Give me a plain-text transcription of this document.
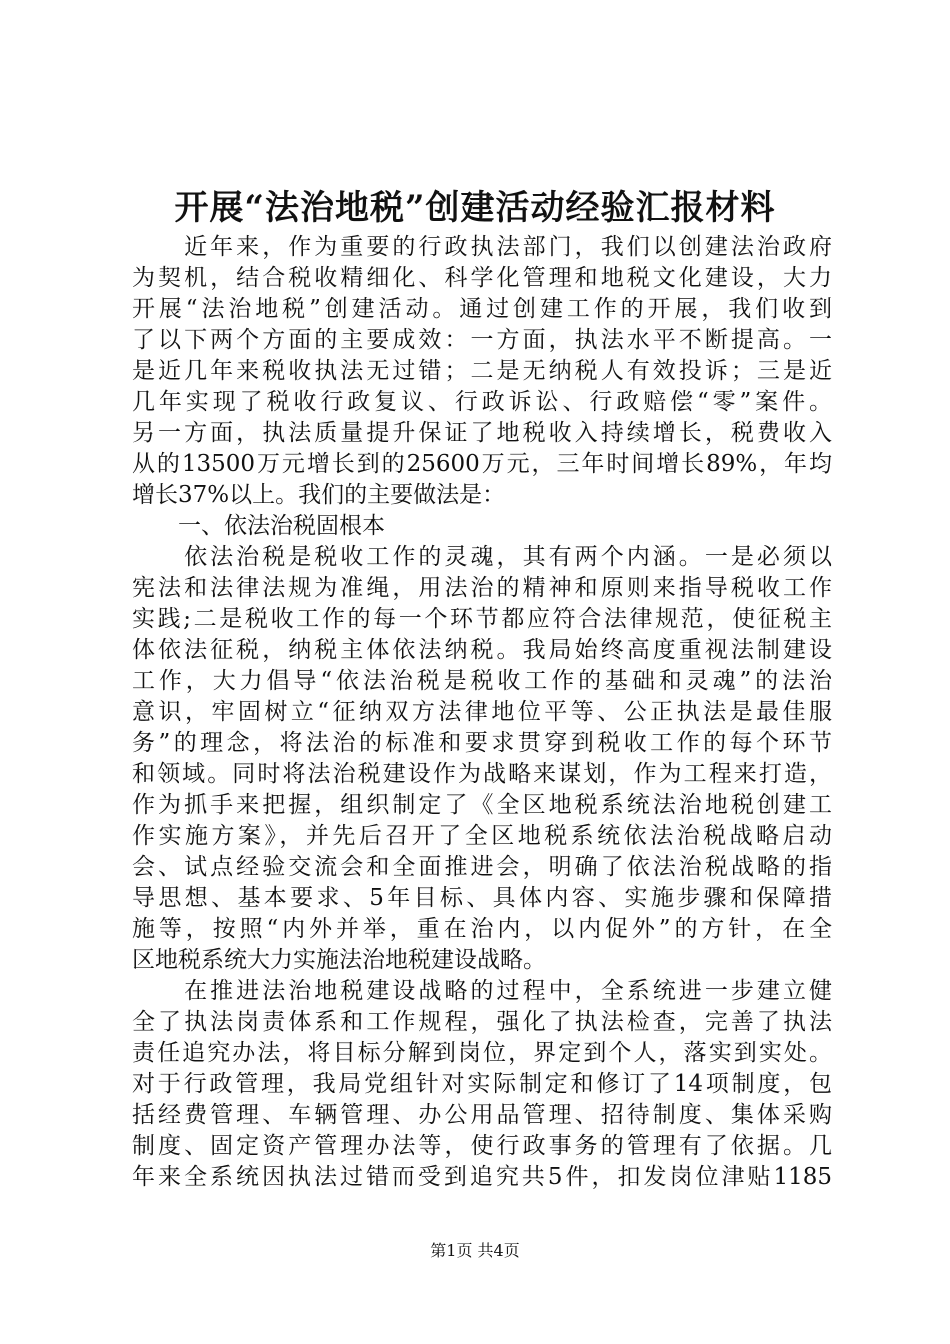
开展“法治地税”创建活动经验汇报材料
　　近年来，作为重要的行政执法部门，我们以创建法治政府
为契机，结合税收精细化、科学化管理和地税文化建设，大力
开展“法治地税”创建活动。通过创建工作的开展，我们收到
了以下两个方面的主要成效：一方面，执法水平不断提高。一
是近几年来税收执法无过错；二是无纳税人有效投诉；三是近
几年实现了税收行政复议、行政诉讼、行政赔偿“零”案件。
另一方面，执法质量提升保证了地税收入持续增长，税费收入
从的13500万元增长到的25600万元，三年时间增长89%，年均
增长37%以上。我们的主要做法是：
　　一、依法治税固根本
　　依法治税是税收工作的灵魂，其有两个内涵。一是必须以
宪法和法律法规为准绳，用法治的精神和原则来指导税收工作
实践;二是税收工作的每一个环节都应符合法律规范，使征税主
体依法征税，纳税主体依法纳税。我局始终高度重视法制建设
工作，大力倡导“依法治税是税收工作的基础和灵魂”的法治
意识，牢固树立“征纳双方法律地位平等、公正执法是最佳服
务”的理念，将法治的标准和要求贯穿到税收工作的每个环节
和领域。同时将法治税建设作为战略来谋划，作为工程来打造，
作为抓手来把握，组织制定了《全区地税系统法治地税创建工
作实施方案》，并先后召开了全区地税系统依法治税战略启动
会、试点经验交流会和全面推进会，明确了依法治税战略的指
导思想、基本要求、5年目标、具体内容、实施步骤和保障措
施等，按照“内外并举，重在治内，以内促外”的方针，在全
区地税系统大力实施法治地税建设战略。
　　在推进法治地税建设战略的过程中，全系统进一步建立健
全了执法岗责体系和工作规程，强化了执法检查，完善了执法
责任追究办法，将目标分解到岗位，界定到个人，落实到实处。
对于行政管理，我局党组针对实际制定和修订了14项制度，包
括经费管理、车辆管理、办公用品管理、招待制度、集体采购
制度、固定资产管理办法等，使行政事务的管理有了依据。几
年来全系统因执法过错而受到追究共5件，扣发岗位津贴1185
第1页 共4页
